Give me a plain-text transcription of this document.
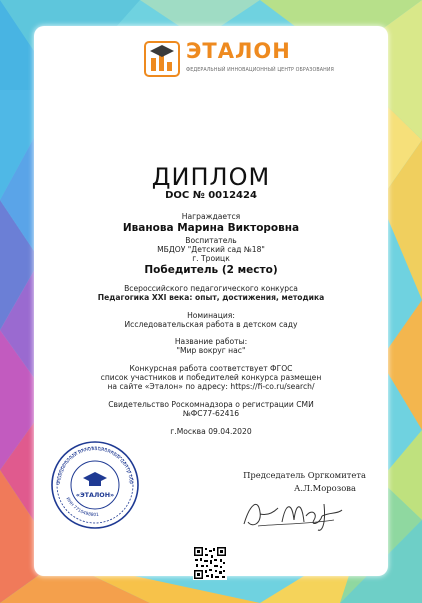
ЭТАЛОН
ФЕДЕРАЛЬНЫЙ ИННОВАЦИОННЫЙ ЦЕНТР ОБРАЗОВАНИЯ
ДИПЛОМ
DOC № 0012424
Награждается
Иванова Марина Викторовна
Воспитатель
МБДОУ "Детский сад №18"
г. Троицк
Победитель (2 место)
Всероссийского педагогического конкурса
Педагогика XXI века: опыт, достижения, методика
Номинация:
Исследовательская работа в детском саду
Название работы:
"Мир вокруг нас"
Конкурсная работа соответствует ФГОС
список участников и победителей конкурса размещен
на сайте «Эталон» по адресу: https://fi-co.ru/search/
Свидетельство Роскомнадзора о регистрации СМИ
№ФС77-62416
г.Москва 09.04.2020
Федеральный инновационный центр обр
ИНН 7710498801
«ЭТАЛОН»
Председатель Оргкомитета
А.Л.Морозова
